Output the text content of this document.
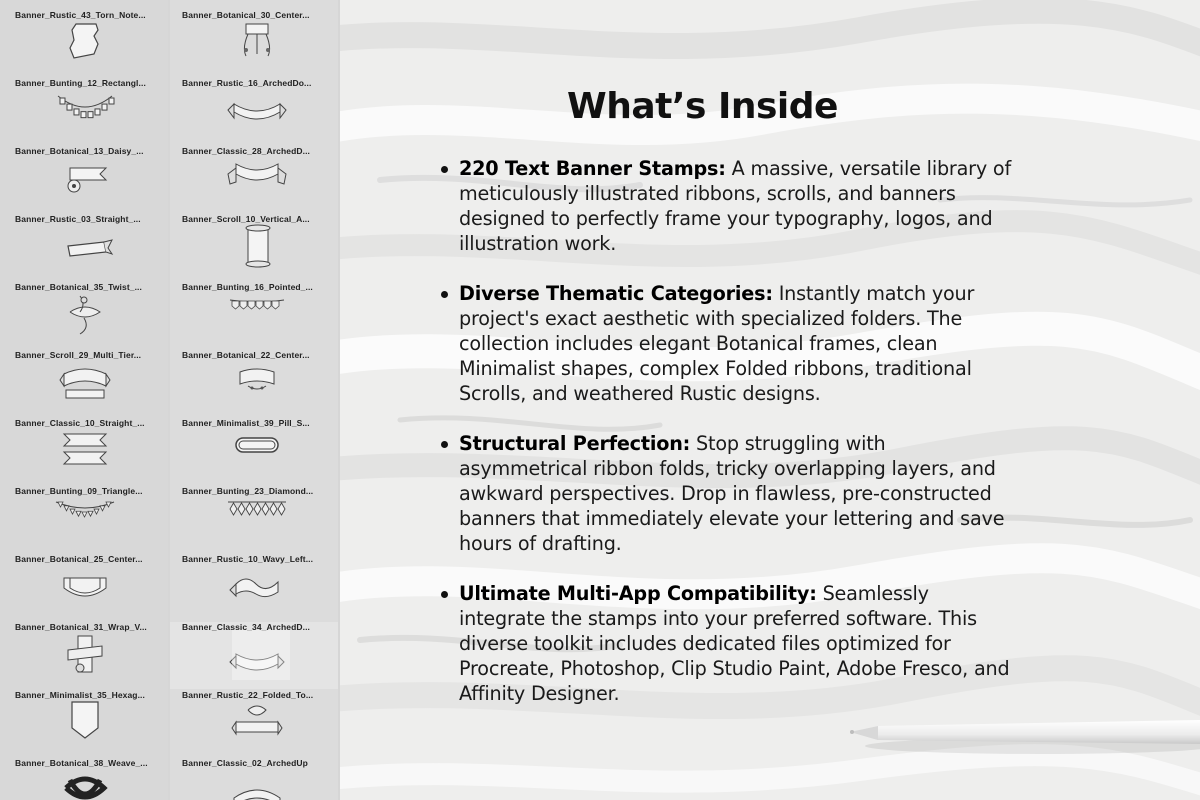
Banner_Rustic_43_Torn_Note...
Banner_Bunting_12_Rectangl...
Banner_Botanical_13_Daisy_...
Banner_Rustic_03_Straight_...
Banner_Botanical_35_Twist_...
Banner_Scroll_29_Multi_Tier...
Banner_Classic_10_Straight_...
Banner_Bunting_09_Triangle...
Banner_Botanical_25_Center...
Banner_Botanical_31_Wrap_V...
Banner_Minimalist_35_Hexag...
Banner_Botanical_38_Weave_...
Banner_Botanical_30_Center...
Banner_Rustic_16_ArchedDo...
Banner_Classic_28_ArchedD...
Banner_Scroll_10_Vertical_A...
Banner_Bunting_16_Pointed_...
Banner_Botanical_22_Center...
Banner_Minimalist_39_Pill_S...
Banner_Bunting_23_Diamond...
Banner_Rustic_10_Wavy_Left...
Banner_Classic_34_ArchedD...
Banner_Rustic_22_Folded_To...
Banner_Classic_02_ArchedUp
What’s Inside
220 Text Banner Stamps: A massive, versatile library of meticulously illustrated ribbons, scrolls, and banners designed to perfectly frame your typography, logos, and illustration work.
Diverse Thematic Categories: Instantly match your project's exact aesthetic with specialized folders. The collection includes elegant Botanical frames, clean Minimalist shapes, complex Folded ribbons, traditional Scrolls, and weathered Rustic designs.
Structural Perfection: Stop struggling with asymmetrical ribbon folds, tricky overlapping layers, and awkward perspectives. Drop in flawless, pre-constructed banners that immediately elevate your lettering and save hours of drafting.
Ultimate Multi-App Compatibility: Seamlessly integrate the stamps into your preferred software. This diverse toolkit includes dedicated files optimized for Procreate, Photoshop, Clip Studio Paint, Adobe Fresco, and Affinity Designer.
